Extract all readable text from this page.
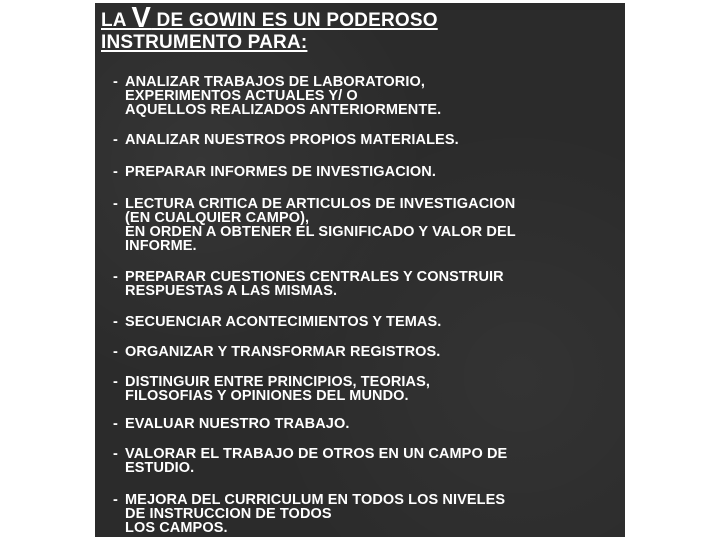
LA V DE GOWIN ES UN PODEROSO
INSTRUMENTO PARA:
- ANALIZAR TRABAJOS DE LABORATORIO,
EXPERIMENTOS ACTUALES Y/ O
AQUELLOS REALIZADOS ANTERIORMENTE.
- ANALIZAR NUESTROS PROPIOS MATERIALES.
- PREPARAR INFORMES DE INVESTIGACION.
- LECTURA CRITICA DE ARTICULOS DE INVESTIGACION
(EN CUALQUIER CAMPO),
EN ORDEN A OBTENER EL SIGNIFICADO Y VALOR DEL
INFORME.
- PREPARAR CUESTIONES CENTRALES Y CONSTRUIR
RESPUESTAS A LAS MISMAS.
- SECUENCIAR ACONTECIMIENTOS Y TEMAS.
- ORGANIZAR Y TRANSFORMAR REGISTROS.
- DISTINGUIR ENTRE PRINCIPIOS, TEORIAS,
FILOSOFIAS Y OPINIONES DEL MUNDO.
- EVALUAR NUESTRO TRABAJO.
- VALORAR EL TRABAJO DE OTROS EN UN CAMPO DE
ESTUDIO.
- MEJORA DEL CURRICULUM EN TODOS LOS NIVELES
DE INSTRUCCION DE TODOS
LOS CAMPOS.
